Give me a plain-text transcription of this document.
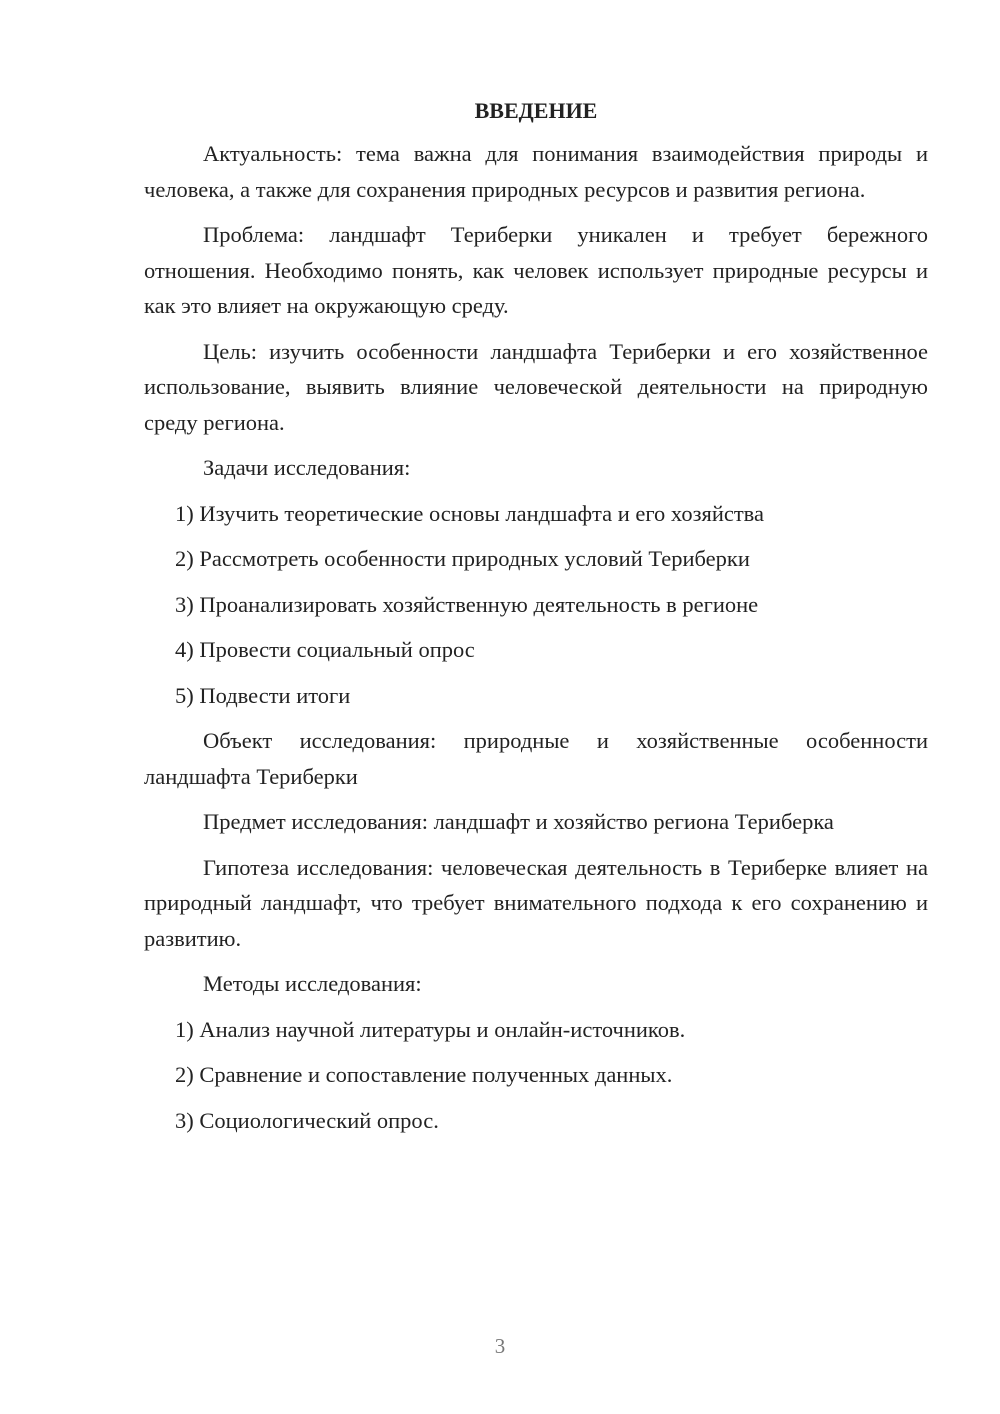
ВВЕДЕНИЕ

Актуальность: тема важна для понимания взаимодействия природы и человека, а также для сохранения природных ресурсов и развития региона.

Проблема: ландшафт Териберки уникален и требует бережного отношения. Необходимо понять, как человек использует природные ресурсы и как это влияет на окружающую среду.

Цель: изучить особенности ландшафта Териберки и его хозяйственное использование, выявить влияние человеческой деятельности на природную среду региона.

Задачи исследования:

1) Изучить теоретические основы ландшафта и его хозяйства
2) Рассмотреть особенности природных условий Териберки
3) Проанализировать хозяйственную деятельность в регионе
4) Провести социальный опрос
5) Подвести итоги

Объект исследования: природные и хозяйственные особенности ландшафта Териберки

Предмет исследования: ландшафт и хозяйство региона Териберка

Гипотеза исследования: человеческая деятельность в Териберке влияет на природный ландшафт, что требует внимательного подхода к его сохранению и развитию.

Методы исследования:

1) Анализ научной литературы и онлайн-источников.
2) Сравнение и сопоставление полученных данных.
3) Социологический опрос.
3
